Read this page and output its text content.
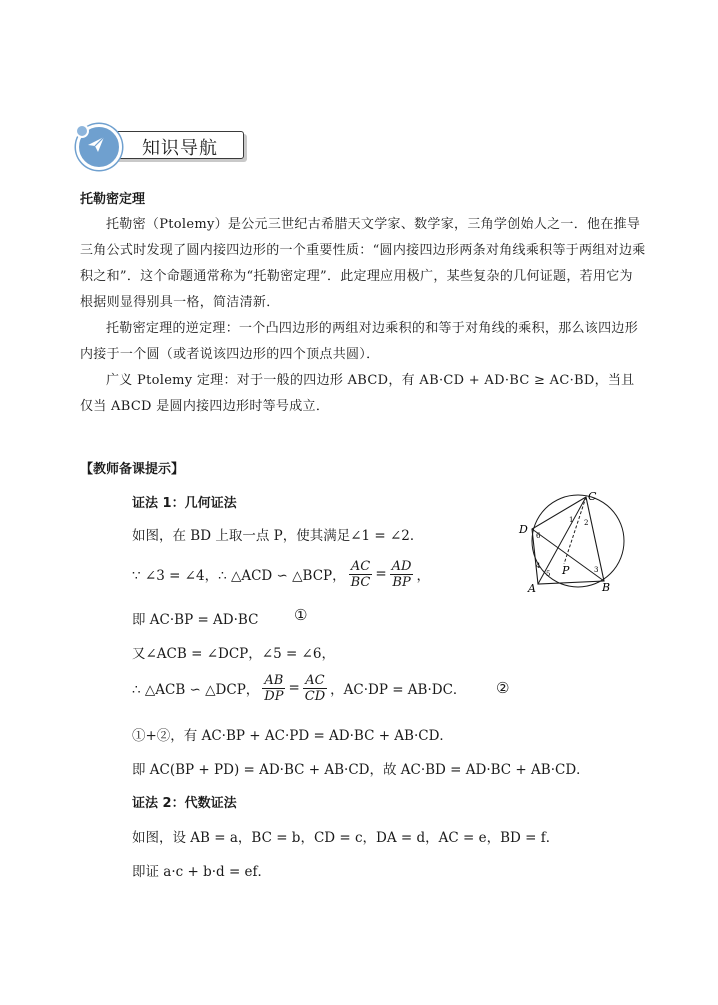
知识导航
托勒密定理
托勒密（Ptolemy）是公元三世纪古希腊天文学家、数学家，三角学创始人之一．他在推导三角公式时发现了圆内接四边形的一个重要性质：“圆内接四边形两条对角线乘积等于两组对边乘积之和”．这个命题通常称为“托勒密定理”．此定理应用极广，某些复杂的几何证题，若用它为根据则显得别具一格，简洁清新．
托勒密定理的逆定理：一个凸四边形的两组对边乘积的和等于对角线的乘积，那么该四边形内接于一个圆（或者说该四边形的四个顶点共圆）．
广义 Ptolemy 定理：对于一般的四边形 ABCD，有 AB·CD + AD·BC ≥ AC·BD，当且仅当 ABCD 是圆内接四边形时等号成立．
【教师备课提示】
证法 1：几何证法
如图，在 BD 上取一点 P，使其满足∠1 = ∠2．
∵ ∠3 = ∠4，∴ △ACD ∽ △BCP， $\frac{AC}{BC} = \frac{AD}{BP}$ ，
即 AC·BP = AD·BC ①
又∠ACB = ∠DCP，∠5 = ∠6，
∴ △ACB ∽ △DCP， $\frac{AB}{DP} = \frac{AC}{CD}$ ，AC·DP = AB·DC． ②
①+②，有 AC·BP + AC·PD = AD·BC + AB·CD．
即 AC(BP + PD) = AD·BC + AB·CD，故 AC·BD = AD·BC + AB·CD．
证法 2：代数证法
如图，设 AB = a，BC = b，CD = c，DA = d，AC = e，BD = f．
即证 a·c + b·d = ef．
C
D
A	B
P
1 2
3
4
5
6
